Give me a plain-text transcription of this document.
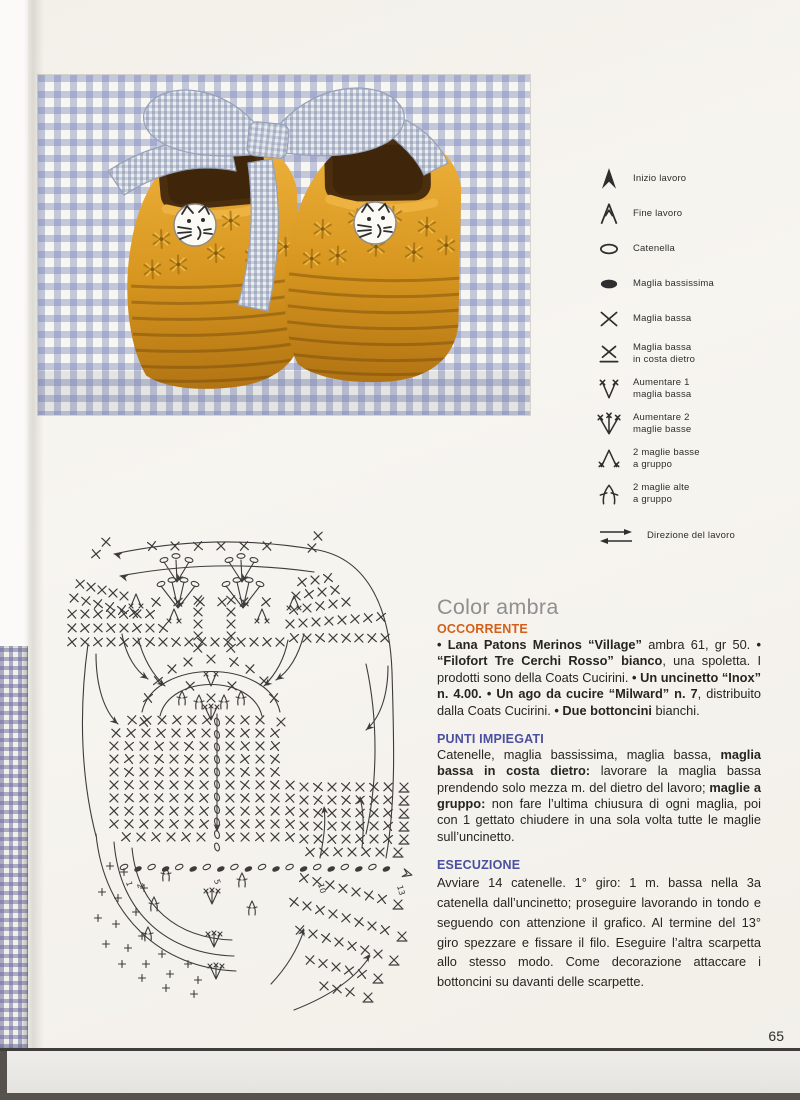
Inizio lavoro
Fine lavoro
Catenella
Maglia bassissima
Maglia bassa
Maglia bassa
in costa dietro
Aumentare 1
maglia bassa
Aumentare 2
maglie basse
2 maglie basse
a gruppo
2 maglie alte
a gruppo
Direzione del lavoro
1 2
5
10	13
Color ambra
OCCORRENTE
• Lana Patons Merinos “Village” ambra 61, gr 50. • “Filofort Tre Cerchi Rosso” bianco, una spoletta. I prodotti sono della Coats Cucirini. • Un uncinetto “Inox” n. 4.00. • Un ago da cucire “Milward” n. 7, distribuito dalla Coats Cucirini. • Due bottoncini bianchi.
PUNTI IMPIEGATI
Catenelle, maglia bassissima, maglia bassa, maglia bassa in costa dietro: lavorare la maglia bassa prendendo solo mezza m. del dietro del lavoro; maglie a gruppo: non fare l’ultima chiusura di ogni maglia, poi con 1 gettato chiudere in una sola volta tutte le maglie sull’uncinetto.
ESECUZIONE
Avviare 14 catenelle. 1° giro: 1 m. bassa nella 3a catenella dall’uncinetto; proseguire lavorando in tondo e seguendo con attenzione il grafico. Al termine del 13° giro spezzare e fissare il filo. Eseguire l’altra scarpetta allo stesso modo. Come decorazione attaccare i bottoncini su davanti delle scarpette.
65
